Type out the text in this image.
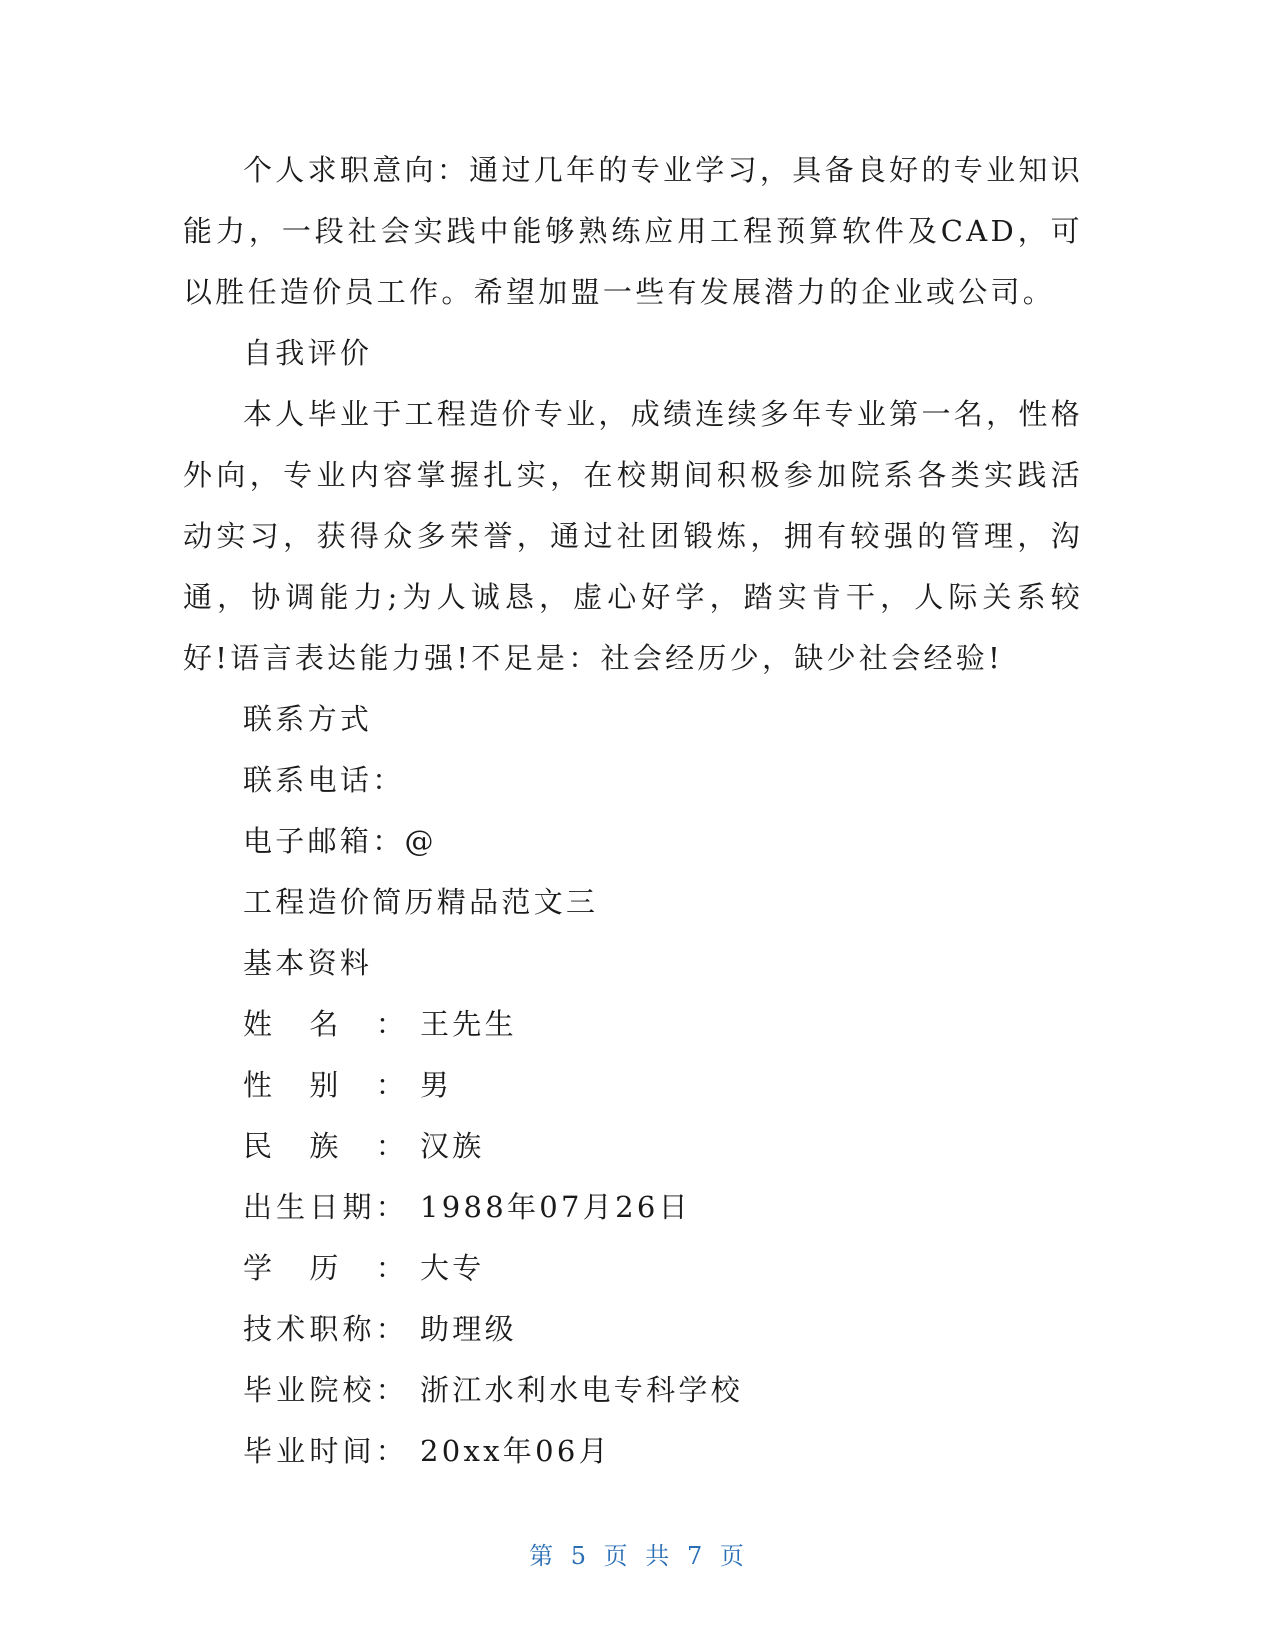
个人求职意向：通过几年的专业学习，具备良好的专业知识能力，一段社会实践中能够熟练应用工程预算软件及CAD，可以胜任造价员工作。希望加盟一些有发展潜力的企业或公司。

自我评价

本人毕业于工程造价专业，成绩连续多年专业第一名，性格外向，专业内容掌握扎实，在校期间积极参加院系各类实践活动实习，获得众多荣誉，通过社团锻炼，拥有较强的管理，沟通，协调能力;为人诚恳，虚心好学，踏实肯干，人际关系较好!语言表达能力强!不足是：社会经历少，缺少社会经验!

联系方式

联系电话：

电子邮箱：@

工程造价简历精品范文三

基本资料

姓名： 王先生
性别： 男
民族： 汉族
出生日期： 1988年07月26日
学历： 大专
技术职称： 助理级
毕业院校： 浙江水利水电专科学校
毕业时间： 20xx年06月
第 5 页 共 7 页
